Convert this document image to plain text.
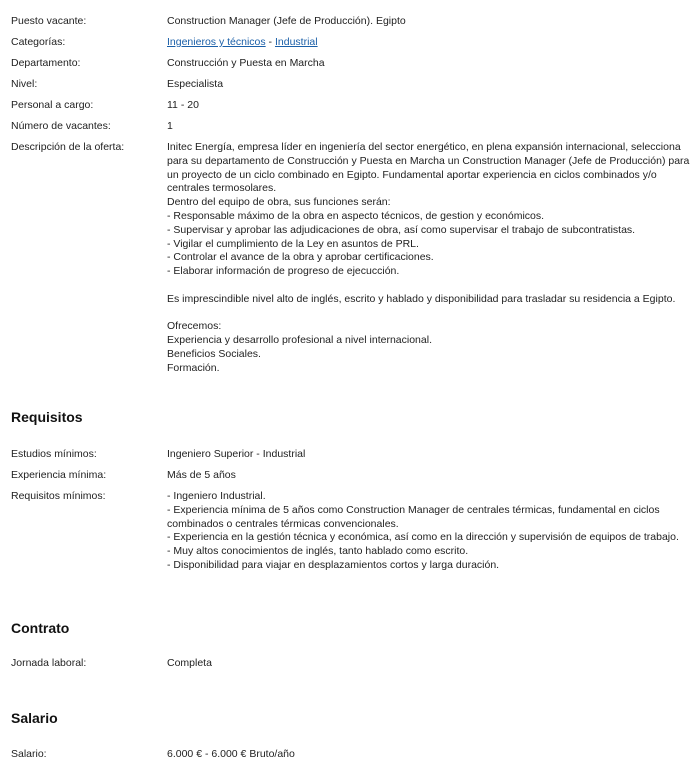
Puesto vacante:	Construction Manager (Jefe de Producción). Egipto
Categorías:	Ingenieros y técnicos - Industrial
Departamento:	Construcción y Puesta en Marcha
Nivel:	Especialista
Personal a cargo:	11 - 20
Número de vacantes:	1
Descripción de la oferta:	Initec Energía, empresa líder en ingeniería del sector energético, en plena expansión internacional, selecciona para su departamento de Construcción y Puesta en Marcha un Construction Manager (Jefe de Producción) para un proyecto de un ciclo combinado en Egipto. Fundamental aportar experiencia en ciclos combinados y/o centrales termosolares.
Dentro del equipo de obra, sus funciones serán:
- Responsable máximo de la obra en aspecto técnicos, de gestion y económicos.
- Supervisar y aprobar las adjudicaciones de obra, así como supervisar el trabajo de subcontratistas.
- Vigilar el cumplimiento de la Ley en asuntos de PRL.
- Controlar el avance de la obra y aprobar certificaciones.
- Elaborar información de progreso de ejecucción.
Es imprescindible nivel alto de inglés, escrito y hablado y disponibilidad para trasladar su residencia a Egipto.
Ofrecemos:
Experiencia y desarrollo profesional a nivel internacional.
Beneficios Sociales.
Formación.
Requisitos
Estudios mínimos:	Ingeniero Superior - Industrial
Experiencia mínima:	Más de 5 años
Requisitos mínimos:	- Ingeniero Industrial.
- Experiencia mínima de 5 años como Construction Manager de centrales térmicas, fundamental en ciclos combinados o centrales térmicas convencionales.
- Experiencia en la gestión técnica y económica, así como en la dirección y supervisión de equipos de trabajo.
- Muy altos conocimientos de inglés, tanto hablado como escrito.
- Disponibilidad para viajar en desplazamientos cortos y larga duración.
Contrato
Jornada laboral:	Completa
Salario
Salario:	6.000 € - 6.000 € Bruto/año
